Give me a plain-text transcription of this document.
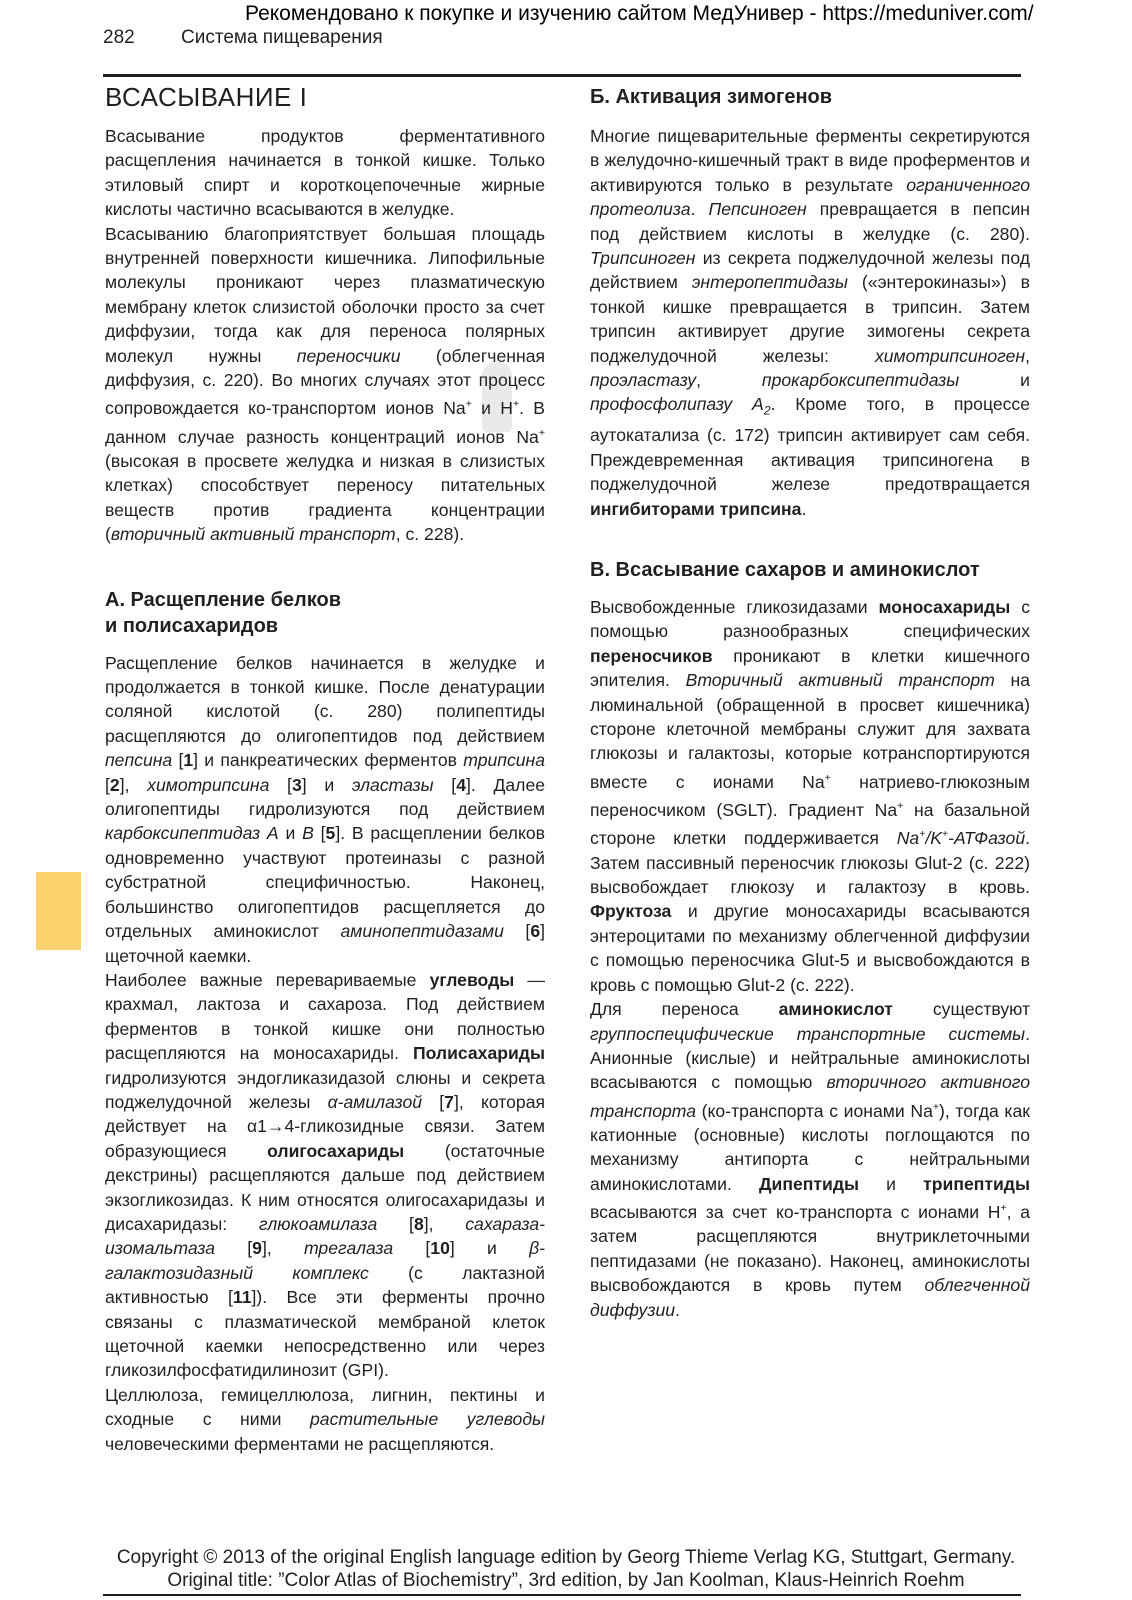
Рекомендовано к покупке и изучению сайтом МедУнивер - https://meduniver.com/
282 Система пищеварения
ВСАСЫВАНИЕ I

Всасывание продуктов ферментативного расщепления начинается в тонкой кишке. Только этиловый спирт и короткоцепочечные жирные кислоты частично всасываются в желудке.

Всасыванию благоприятствует большая площадь внутренней поверхности кишечника. Липофильные молекулы проникают через плазматическую мембрану клеток слизистой оболочки просто за счет диффузии, тогда как для переноса полярных молекул нужны переносчики (облегченная диффузия, с. 220). Во многих случаях этот процесс сопровождается ко-транспортом ионов Na+ и H+. В данном случае разность концентраций ионов Na+ (высокая в просвете желудка и низкая в слизистых клетках) способствует переносу питательных веществ против градиента концентрации (вторичный активный транспорт, с. 228).

А. Расщепление белков
и полисахаридов

Расщепление белков начинается в желудке и продолжается в тонкой кишке. После денатурации соляной кислотой (с. 280) полипептиды расщепляются до олигопептидов под действием пепсина [1] и панкреатических ферментов трипсина [2], химотрипсина [3] и эластазы [4]. Далее олигопептиды гидролизуются под действием карбоксипептидаз А и В [5]. В расщеплении белков одновременно участвуют протеиназы с разной субстратной специфичностью. Наконец, большинство олигопептидов расщепляется до отдельных аминокислот аминопептидазами [6] щеточной каемки.

Наиболее важные перевариваемые углеводы — крахмал, лактоза и сахароза. Под действием ферментов в тонкой кишке они полностью расщепляются на моносахариды. Полисахариды гидролизуются эндогликазидазой слюны и секрета поджелудочной железы α-амилазой [7], которая действует на α1→4-гликозидные связи. Затем образующиеся олигосахариды (остаточные декстрины) расщепляются дальше под действием экзогликозидаз. К ним относятся олигосахаридазы и дисахаридазы: глюкоамилаза [8], сахараза-изомальтаза [9], трегалаза [10] и β-галактозидазный комплекс (с лактазной активностью [11]). Все эти ферменты прочно связаны с плазматической мембраной клеток щеточной каемки непосредственно или через гликозилфосфатидилинозит (GPI).

Целлюлоза, гемицеллюлоза, лигнин, пектины и сходные с ними растительные углеводы человеческими ферментами не расщепляются.

Б. Активация зимогенов

Многие пищеварительные ферменты секретируются в желудочно-кишечный тракт в виде проферментов и активируются только в результате ограниченного протеолиза. Пепсиноген превращается в пепсин под действием кислоты в желудке (с. 280). Трипсиноген из секрета поджелудочной железы под действием энтеропептидазы («энтерокиназы») в тонкой кишке превращается в трипсин. Затем трипсин активирует другие зимогены секрета поджелудочной железы: химотрипсиноген, проэластазу, прокарбоксипептидазы и профосфолипазу $A_2$. Кроме того, в процессе аутокатализа (с. 172) трипсин активирует сам себя. Преждевременная активация трипсиногена в поджелудочной железе предотвращается ингибиторами трипсина.

В. Всасывание сахаров и аминокислот

Высвобожденные гликозидазами моносахариды с помощью разнообразных специфических переносчиков проникают в клетки кишечного эпителия. Вторичный активный транспорт на люминальной (обращенной в просвет кишечника) стороне клеточной мембраны служит для захвата глюкозы и галактозы, которые котранспортируются вместе с ионами Na+ натриево-глюкозным переносчиком (SGLT). Градиент Na+ на базальной стороне клетки поддерживается Na+/K+-АТФазой. Затем пассивный переносчик глюкозы Glut-2 (с. 222) высвобождает глюкозу и галактозу в кровь. Фруктоза и другие моносахариды всасываются энтероцитами по механизму облегченной диффузии с помощью переносчика Glut-5 и высвобождаются в кровь с помощью Glut-2 (с. 222).

Для переноса аминокислот существуют группоспецифические транспортные системы. Анионные (кислые) и нейтральные аминокислоты всасываются с помощью вторичного активного транспорта (ко-транспорта с ионами Na+), тогда как катионные (основные) кислоты поглощаются по механизму антипорта с нейтральными аминокислотами. Дипептиды и трипептиды всасываются за счет ко-транспорта с ионами H+, а затем расщепляются внутриклеточными пептидазами (не показано). Наконец, аминокислоты высвобождаются в кровь путем облегченной диффузии.

Copyright © 2013 of the original English language edition by Georg Thieme Verlag KG, Stuttgart, Germany.
Original title: ”Color Atlas of Biochemistry”, 3rd edition, by Jan Koolman, Klaus-Heinrich Roehm
